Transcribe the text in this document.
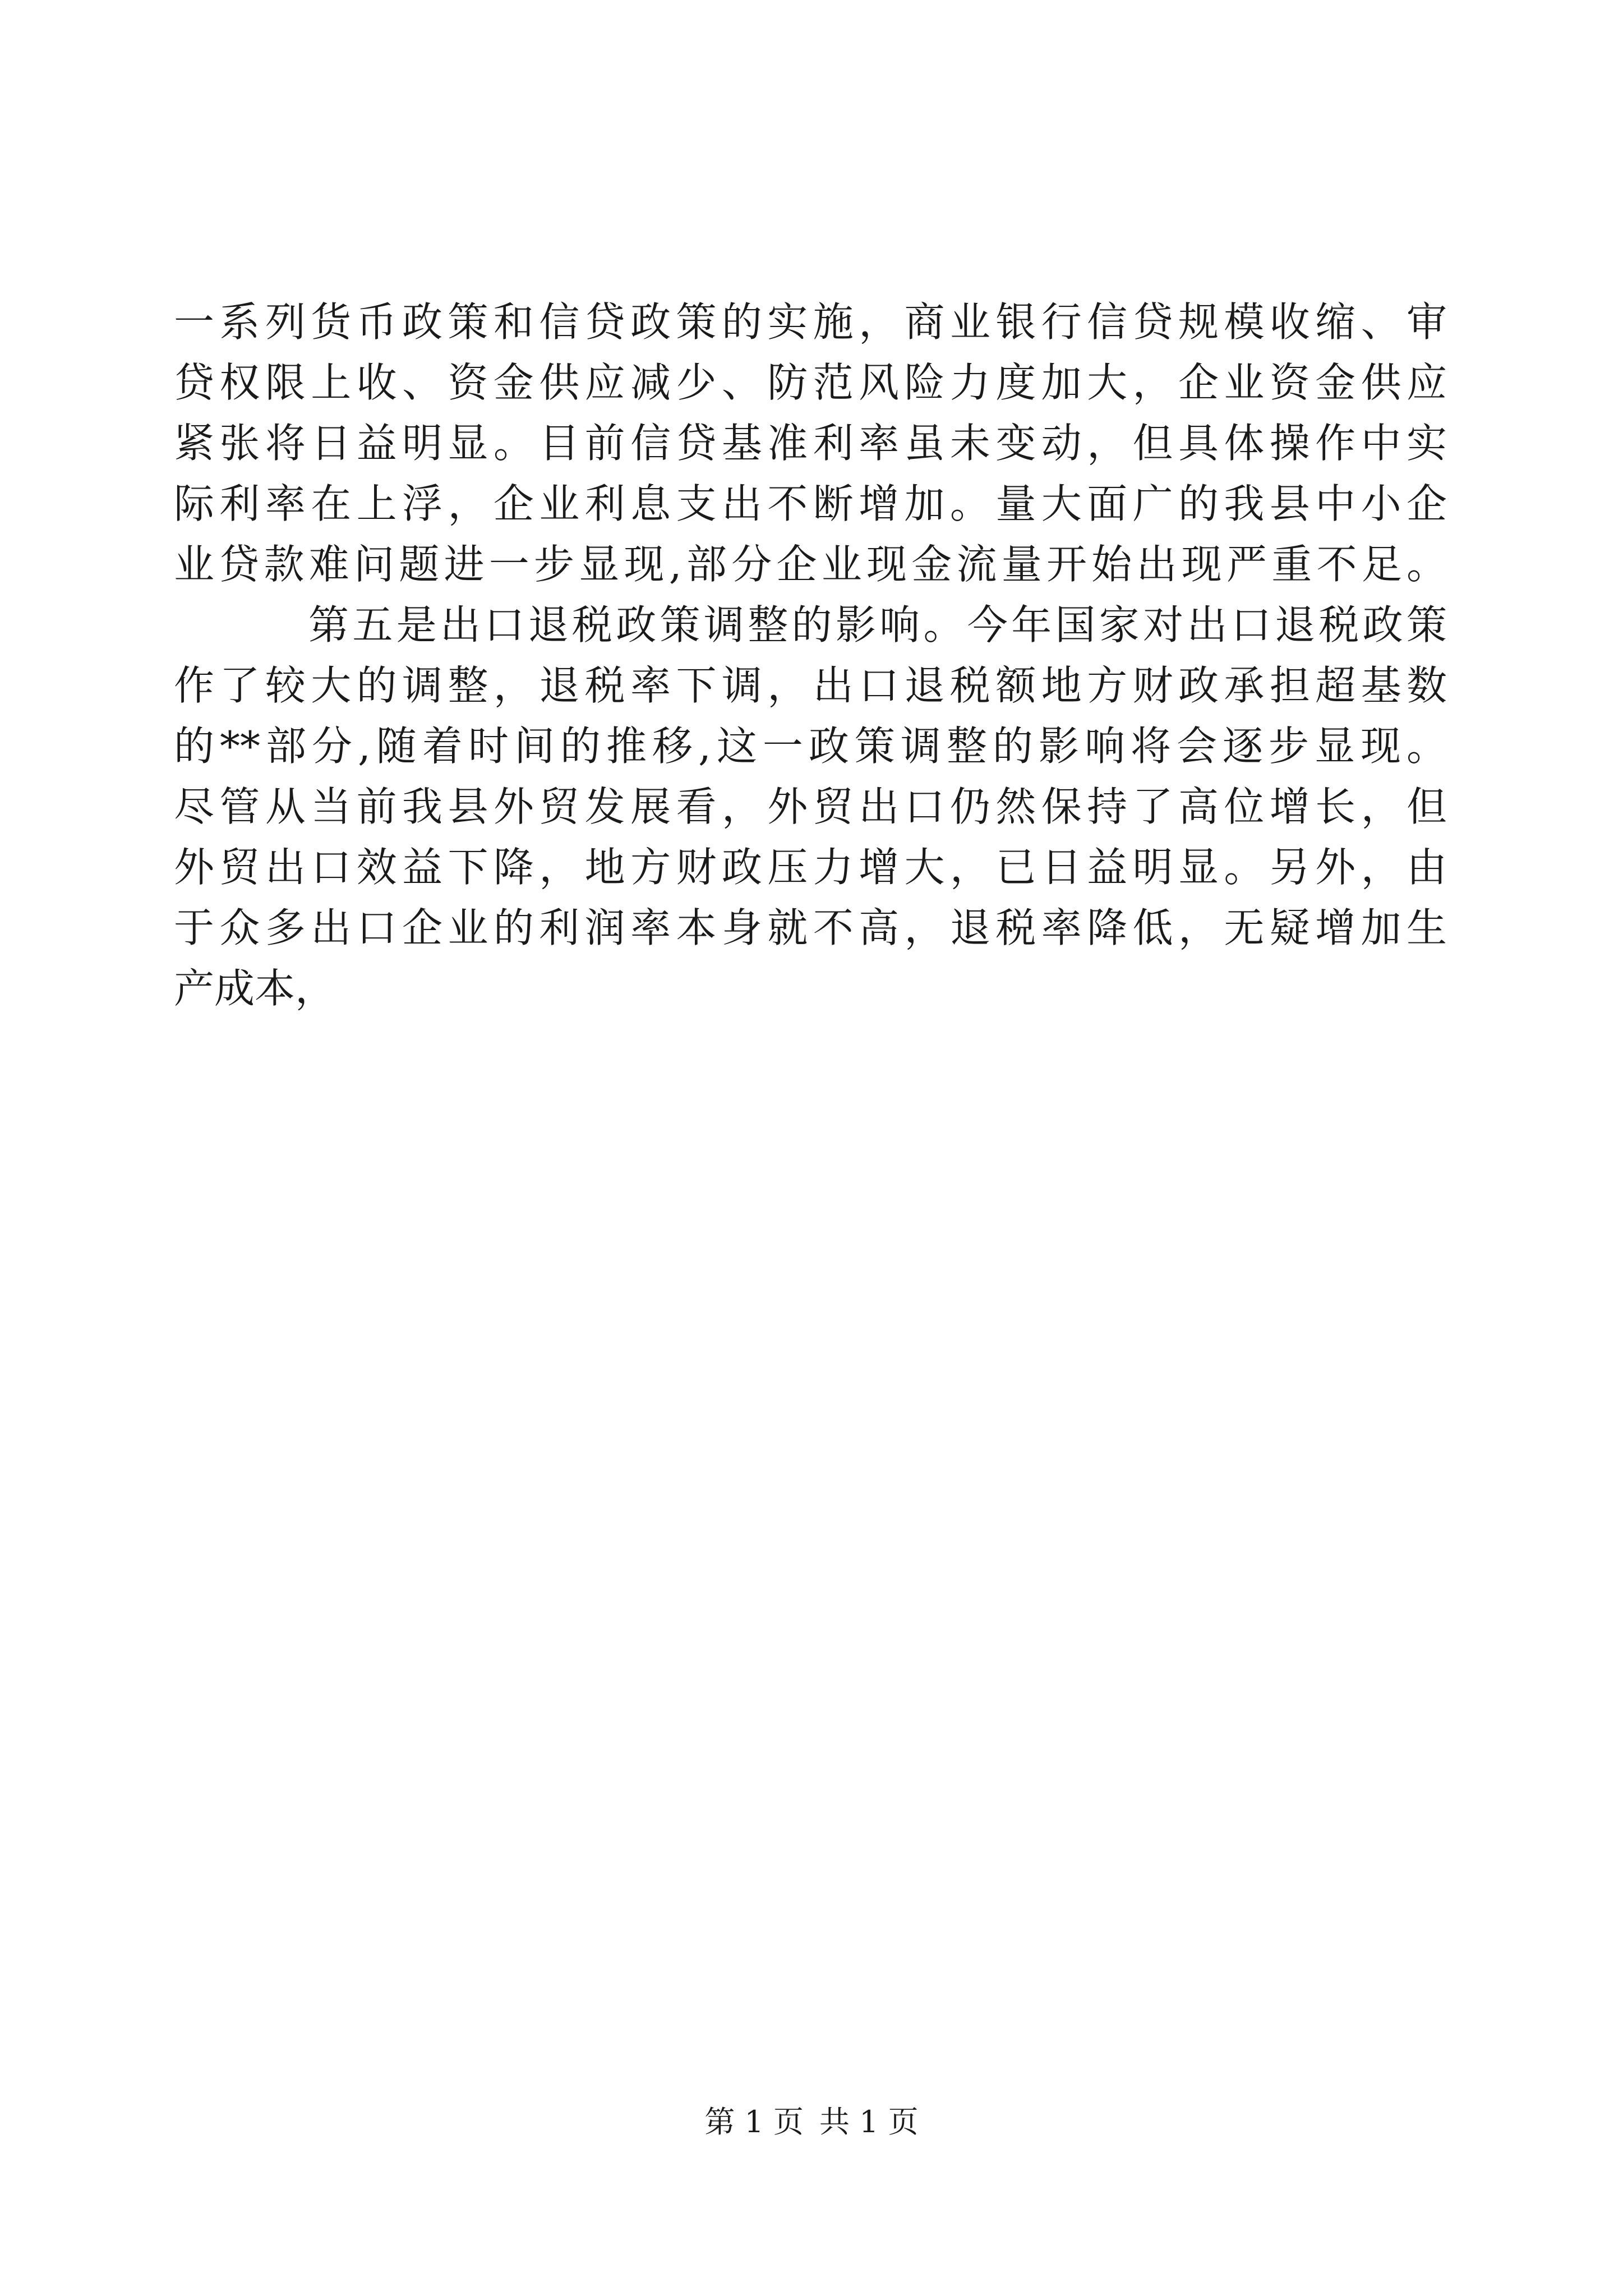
一系列货币政策和信贷政策的实施，商业银行信贷规模收缩、审
贷权限上收、资金供应减少、防范风险力度加大，企业资金供应
紧张将日益明显。目前信贷基准利率虽未变动，但具体操作中实
际利率在上浮，企业利息支出不断增加。量大面广的我县中小企
业贷款难问题进一步显现,部分企业现金流量开始出现严重不足。
第五是出口退税政策调整的影响。今年国家对出口退税政策
作了较大的调整，退税率下调，出口退税额地方财政承担超基数
的**部分,随着时间的推移,这一政策调整的影响将会逐步显现。
尽管从当前我县外贸发展看，外贸出口仍然保持了高位增长，但
外贸出口效益下降，地方财政压力增大，已日益明显。另外，由
于众多出口企业的利润率本身就不高，退税率降低，无疑增加生
产成本，
第 1 页 共 1 页
